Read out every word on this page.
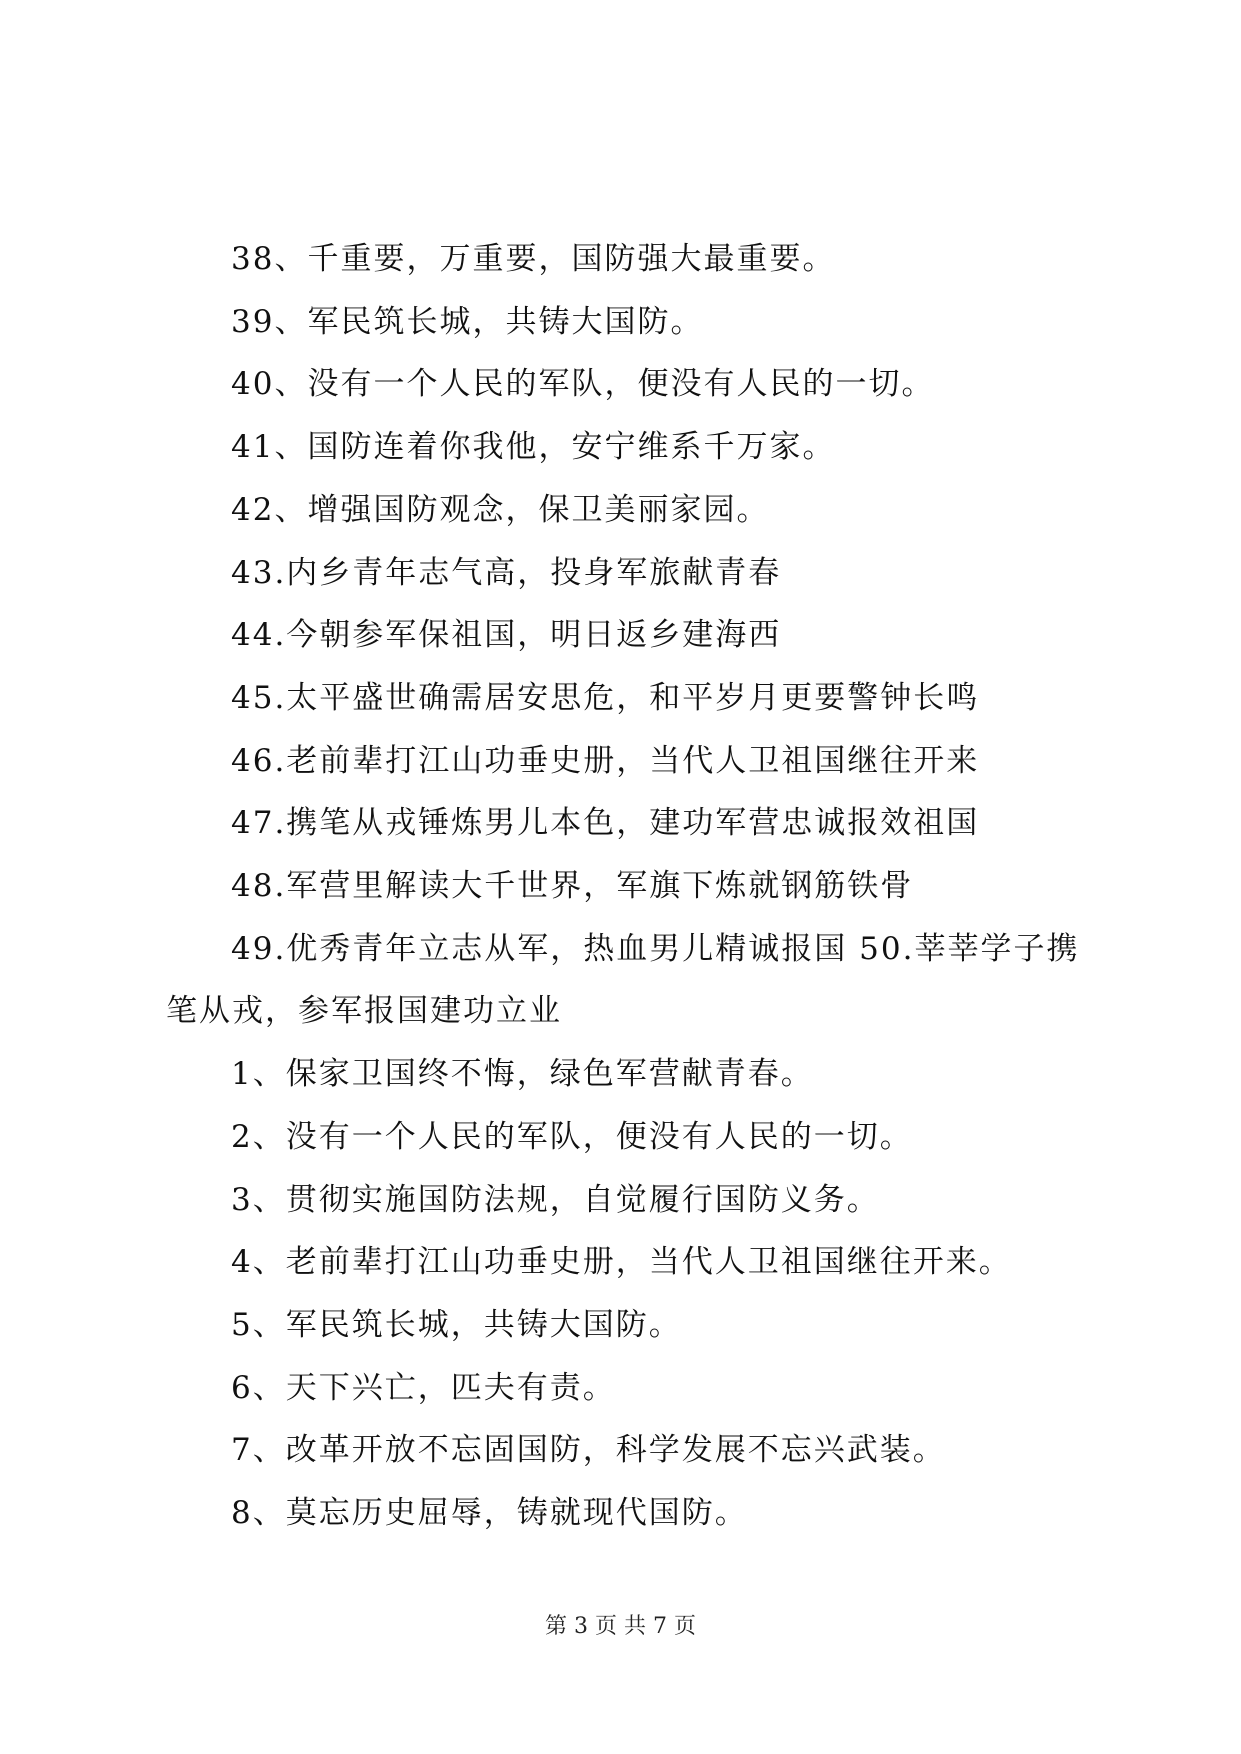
38、千重要，万重要，国防强大最重要。

39、军民筑长城，共铸大国防。

40、没有一个人民的军队，便没有人民的一切。

41、国防连着你我他，安宁维系千万家。

42、增强国防观念，保卫美丽家园。

43.内乡青年志气高，投身军旅献青春

44.今朝参军保祖国，明日返乡建海西

45.太平盛世确需居安思危，和平岁月更要警钟长鸣

46.老前辈打江山功垂史册，当代人卫祖国继往开来

47.携笔从戎锤炼男儿本色，建功军营忠诚报效祖国

48.军营里解读大千世界，军旗下炼就钢筋铁骨

49.优秀青年立志从军，热血男儿精诚报国 50.莘莘学子携笔从戎，参军报国建功立业

1、保家卫国终不悔，绿色军营献青春。

2、没有一个人民的军队，便没有人民的一切。

3、贯彻实施国防法规，自觉履行国防义务。

4、老前辈打江山功垂史册，当代人卫祖国继往开来。

5、军民筑长城，共铸大国防。

6、天下兴亡，匹夫有责。

7、改革开放不忘固国防，科学发展不忘兴武装。

8、莫忘历史屈辱，铸就现代国防。

第 3 页 共 7 页
